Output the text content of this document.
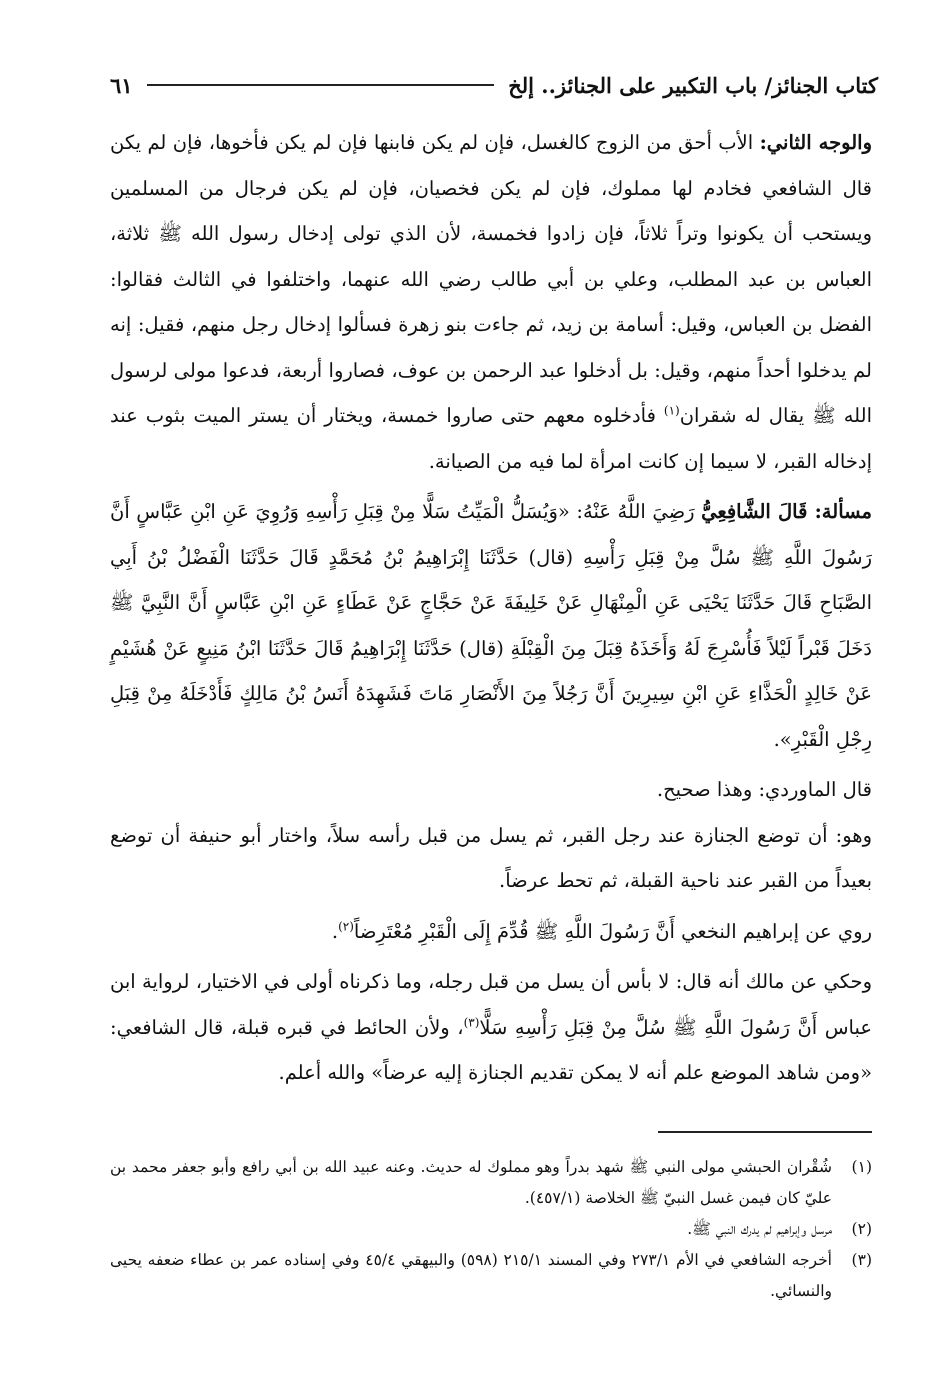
كتاب الجنائز/ باب التكبير على الجنائز.. إلخ
٦١

والوجه الثاني: الأب أحق من الزوج كالغسل، فإن لم يكن فابنها فإن لم يكن فأخوها، فإن لم يكن قال الشافعي فخادم لها مملوك، فإن لم يكن فخصيان، فإن لم يكن فرجال من المسلمين ويستحب أن يكونوا وتراً ثلاثاً، فإن زادوا فخمسة، لأن الذي تولى إدخال رسول الله ﷺ ثلاثة، العباس بن عبد المطلب، وعلي بن أبي طالب رضي الله عنهما، واختلفوا في الثالث فقالوا: الفضل بن العباس، وقيل: أسامة بن زيد، ثم جاءت بنو زهرة فسألوا إدخال رجل منهم، فقيل: إنه لم يدخلوا أحداً منهم، وقيل: بل أدخلوا عبد الرحمن بن عوف، فصاروا أربعة، فدعوا مولى لرسول الله ﷺ يقال له شقران$^{(١)}$ فأدخلوه معهم حتى صاروا خمسة، ويختار أن يستر الميت بثوب عند إدخاله القبر، لا سيما إن كانت امرأة لما فيه من الصيانة.

مسألة: قَالَ الشَّافِعِيُّ رَضِيَ اللَّهُ عَنْهُ: «وَيُسَلُّ الْمَيِّتُ سَلًّا مِنْ قِبَلِ رَأْسِهِ وَرُوِيَ عَنِ ابْنِ عَبَّاسٍ أَنَّ رَسُولَ اللَّهِ ﷺ سُلَّ مِنْ قِبَلِ رَأْسِهِ (قال) حَدَّثَنَا إِبْرَاهِيمُ بْنُ مُحَمَّدٍ قَالَ حَدَّثَنَا الْفَضْلُ بْنُ أَبِي الصَّبَاحِ قَالَ حَدَّثَنَا يَحْيَى عَنِ الْمِنْهَالِ عَنْ خَلِيفَةَ عَنْ حَجَّاجٍ عَنْ عَطَاءٍ عَنِ ابْنِ عَبَّاسٍ أَنَّ النَّبِيَّ ﷺ دَخَلَ قَبْراً لَيْلاً فَأُسْرِجَ لَهُ وَأَخَذَهُ قِبَلَ مِنَ الْقِبْلَةِ (قال) حَدَّثَنَا إِبْرَاهِيمُ قَالَ حَدَّثَنَا ابْنُ مَنِيعٍ عَنْ هُشَيْمٍ عَنْ خَالِدٍ الْحَذَّاءِ عَنِ ابْنِ سِيرِينَ أَنَّ رَجُلاً مِنَ الأَنْصَارِ مَاتَ فَشَهِدَهُ أَنَسُ بْنُ مَالِكٍ فَأَدْخَلَهُ مِنْ قِبَلِ رِجْلِ الْقَبْرِ».

قال الماوردي: وهذا صحيح.

وهو: أن توضع الجنازة عند رجل القبر، ثم يسل من قبل رأسه سلاً، واختار أبو حنيفة أن توضع بعيداً من القبر عند ناحية القبلة، ثم تحط عرضاً.

روي عن إبراهيم النخعي أَنَّ رَسُولَ اللَّهِ ﷺ قُدِّمَ إِلَى الْقَبْرِ مُعْتَرِضاً$^{(٢)}$.

وحكي عن مالك أنه قال: لا بأس أن يسل من قبل رجله، وما ذكرناه أولى في الاختيار، لرواية ابن عباس أَنَّ رَسُولَ اللَّهِ ﷺ سُلَّ مِنْ قِبَلِ رَأْسِهِ سَلًّا$^{(٣)}$، ولأن الحائط في قبره قبلة، قال الشافعي: «ومن شاهد الموضع علم أنه لا يمكن تقديم الجنازة إليه عرضاً» والله أعلم.

(١)
شُقْران الحبشي مولى النبي ﷺ شهد بدراً وهو مملوك له حديث. وعنه عبيد الله بن أبي رافع وأبو جعفر محمد بن عليّ كان فيمن غسل النبيّ ﷺ الخلاصة (٤٥٧/١).
(٢)
مرسل وإبراهيم لم يدرك النبي ﷺ.
(٣)
أخرجه الشافعي في الأم ٢٧٣/١ وفي المسند ٢١٥/١ (٥٩٨) والبيهقي ٤٥/٤ وفي إسناده عمر بن عطاء ضعفه يحيى والنسائي.
